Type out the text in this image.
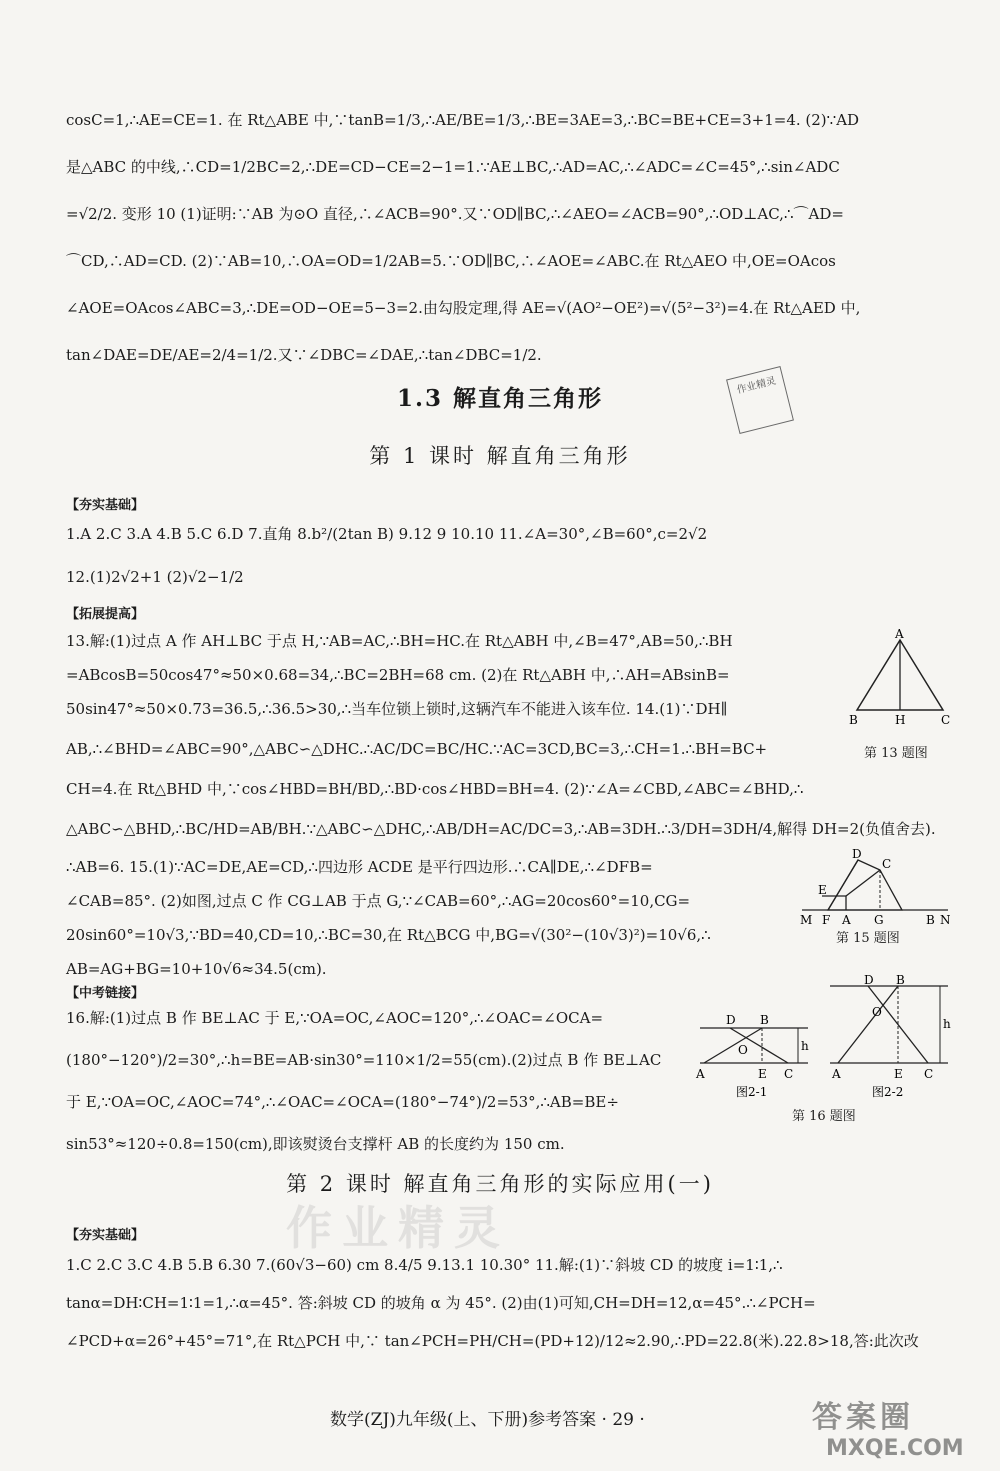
作业精灵

cosC=1,∴AE=CE=1. 在 Rt△ABE 中,∵tanB=1/3,∴AE/BE=1/3,∴BE=3AE=3,∴BC=BE+CE=3+1=4. (2)∵AD

是△ABC 的中线,∴CD=1/2BC=2,∴DE=CD−CE=2−1=1.∵AE⊥BC,∴AD=AC,∴∠ADC=∠C=45°,∴sin∠ADC

=√2/2. 变形 10 (1)证明:∵AB 为⊙O 直径,∴∠ACB=90°.又∵OD∥BC,∴∠AEO=∠ACB=90°,∴OD⊥AC,∴⌒AD=

⌒CD,∴AD=CD. (2)∵AB=10,∴OA=OD=1/2AB=5.∵OD∥BC,∴∠AOE=∠ABC.在 Rt△AEO 中,OE=OAcos

∠AOE=OAcos∠ABC=3,∴DE=OD−OE=5−3=2.由勾股定理,得 AE=√(AO²−OE²)=√(5²−3²)=4.在 Rt△AED 中,

tan∠DAE=DE/AE=2/4=1/2.又∵∠DBC=∠DAE,∴tan∠DBC=1/2.

1.3 解直角三角形	作业精灵
第 1 课时 解直角三角形
【夯实基础】

1.A 2.C 3.A 4.B 5.C 6.D 7.直角 8.b²/(2tan B) 9.12 9 10.10 11.∠A=30°,∠B=60°,c=2√2

12.(1)2√2+1 (2)√2−1/2

【拓展提高】

13.解:(1)过点 A 作 AH⊥BC 于点 H,∵AB=AC,∴BH=HC.在 Rt△ABH 中,∠B=47°,AB=50,∴BH

=ABcosB=50cos47°≈50×0.68=34,∴BC=2BH=68 cm. (2)在 Rt△ABH 中,∴AH=ABsinB=

50sin47°≈50×0.73=36.5,∴36.5>30,∴当车位锁上锁时,这辆汽车不能进入该车位. 14.(1)∵DH∥

AB,∴∠BHD=∠ABC=90°,△ABC∽△DHC.∴AC/DC=BC/HC.∵AC=3CD,BC=3,∴CH=1.∴BH=BC+

CH=4.在 Rt△BHD 中,∵cos∠HBD=BH/BD,∴BD·cos∠HBD=BH=4. (2)∵∠A=∠CBD,∠ABC=∠BHD,∴

△ABC∽△BHD,∴BC/HD=AB/BH.∵△ABC∽△DHC,∴AB/DH=AC/DC=3,∴AB=3DH.∴3/DH=3DH/4,解得 DH=2(负值舍去).

∴AB=6. 15.(1)∵AC=DE,AE=CD,∴四边形 ACDE 是平行四边形.∴CA∥DE,∴∠DFB=

∠CAB=85°. (2)如图,过点 C 作 CG⊥AB 于点 G,∵∠CAB=60°,∴AG=20cos60°=10,CG=

20sin60°=10√3,∵BD=40,CD=10,∴BC=30,在 Rt△BCG 中,BG=√(30²−(10√3)²)=10√6,∴

AB=AG+BG=10+10√6≈34.5(cm).

A
B	H	C
第 13 题图
D
C
E
M F A G	B N
第 15 题图
【中考链接】

16.解:(1)过点 B 作 BE⊥AC 于 E,∵OA=OC,∠AOC=120°,∴∠OAC=∠OCA=

(180°−120°)/2=30°,∴h=BE=AB·sin30°=110×1/2=55(cm).(2)过点 B 作 BE⊥AC

于 E,∵OA=OC,∠AOC=74°,∴∠OAC=∠OCA=(180°−74°)/2=53°,∴AB=BE÷

sin53°≈120÷0.8=150(cm),即该熨烫台支撑杆 AB 的长度约为 150 cm.

D B
O	h
A	E C
D B
O
h
A	E C
图2-1	图2-2
第 16 题图
第 2 课时 解直角三角形的实际应用(一)
【夯实基础】

1.C 2.C 3.C 4.B 5.B 6.30 7.(60√3−60) cm 8.4/5 9.13.1 10.30° 11.解:(1)∵斜坡 CD 的坡度 i=1∶1,∴

tanα=DH∶CH=1∶1=1,∴α=45°. 答:斜坡 CD 的坡角 α 为 45°. (2)由(1)可知,CH=DH=12,α=45°.∴∠PCH=

∠PCD+α=26°+45°=71°,在 Rt△PCH 中,∵ tan∠PCH=PH/CH=(PD+12)/12≈2.90,∴PD=22.8(米).22.8>18,答:此次改

数学(ZJ)九年级(上、下册)参考答案 · 29 ·	答案圈
MXQE.COM
